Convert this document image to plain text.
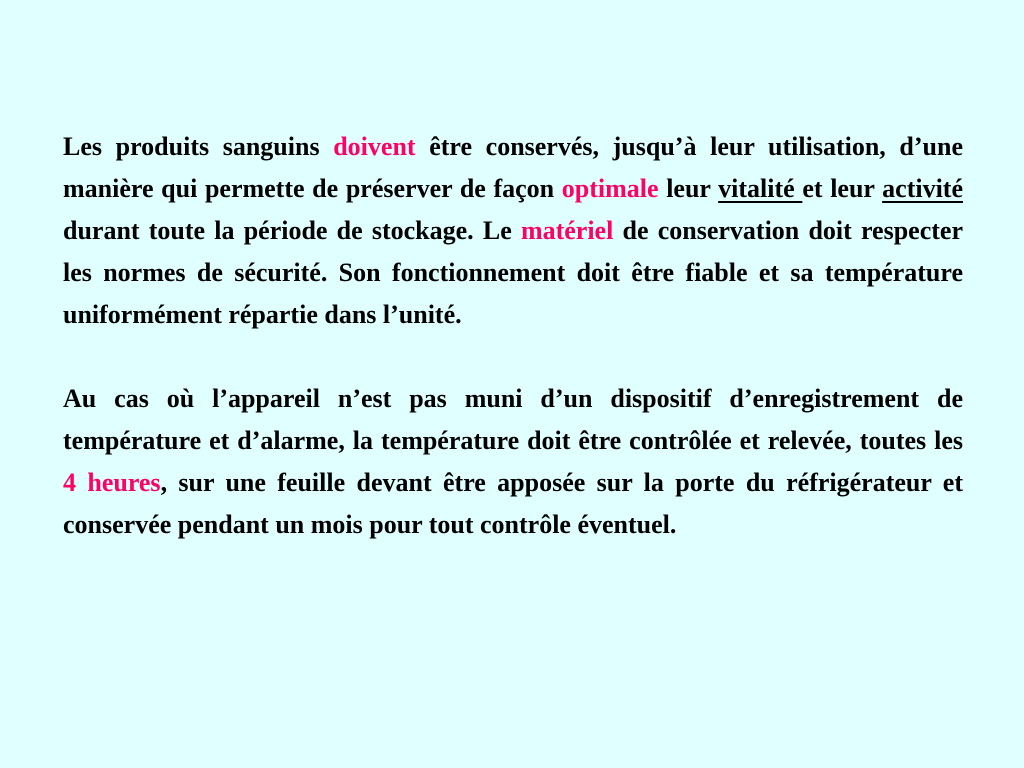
Les produits sanguins doivent être conservés, jusqu’à leur utilisation, d’une manière qui permette de préserver de façon optimale leur vitalité et leur activité durant toute la période de stockage. Le matériel de conservation doit respecter les normes de sécurité. Son fonctionnement doit être fiable et sa température uniformément répartie dans l’unité.

Au cas où l’appareil n’est pas muni d’un dispositif d’enregistrement de température et d’alarme, la température doit être contrôlée et relevée, toutes les 4 heures, sur une feuille devant être apposée sur la porte du réfrigérateur et conservée pendant un mois pour tout contrôle éventuel.
